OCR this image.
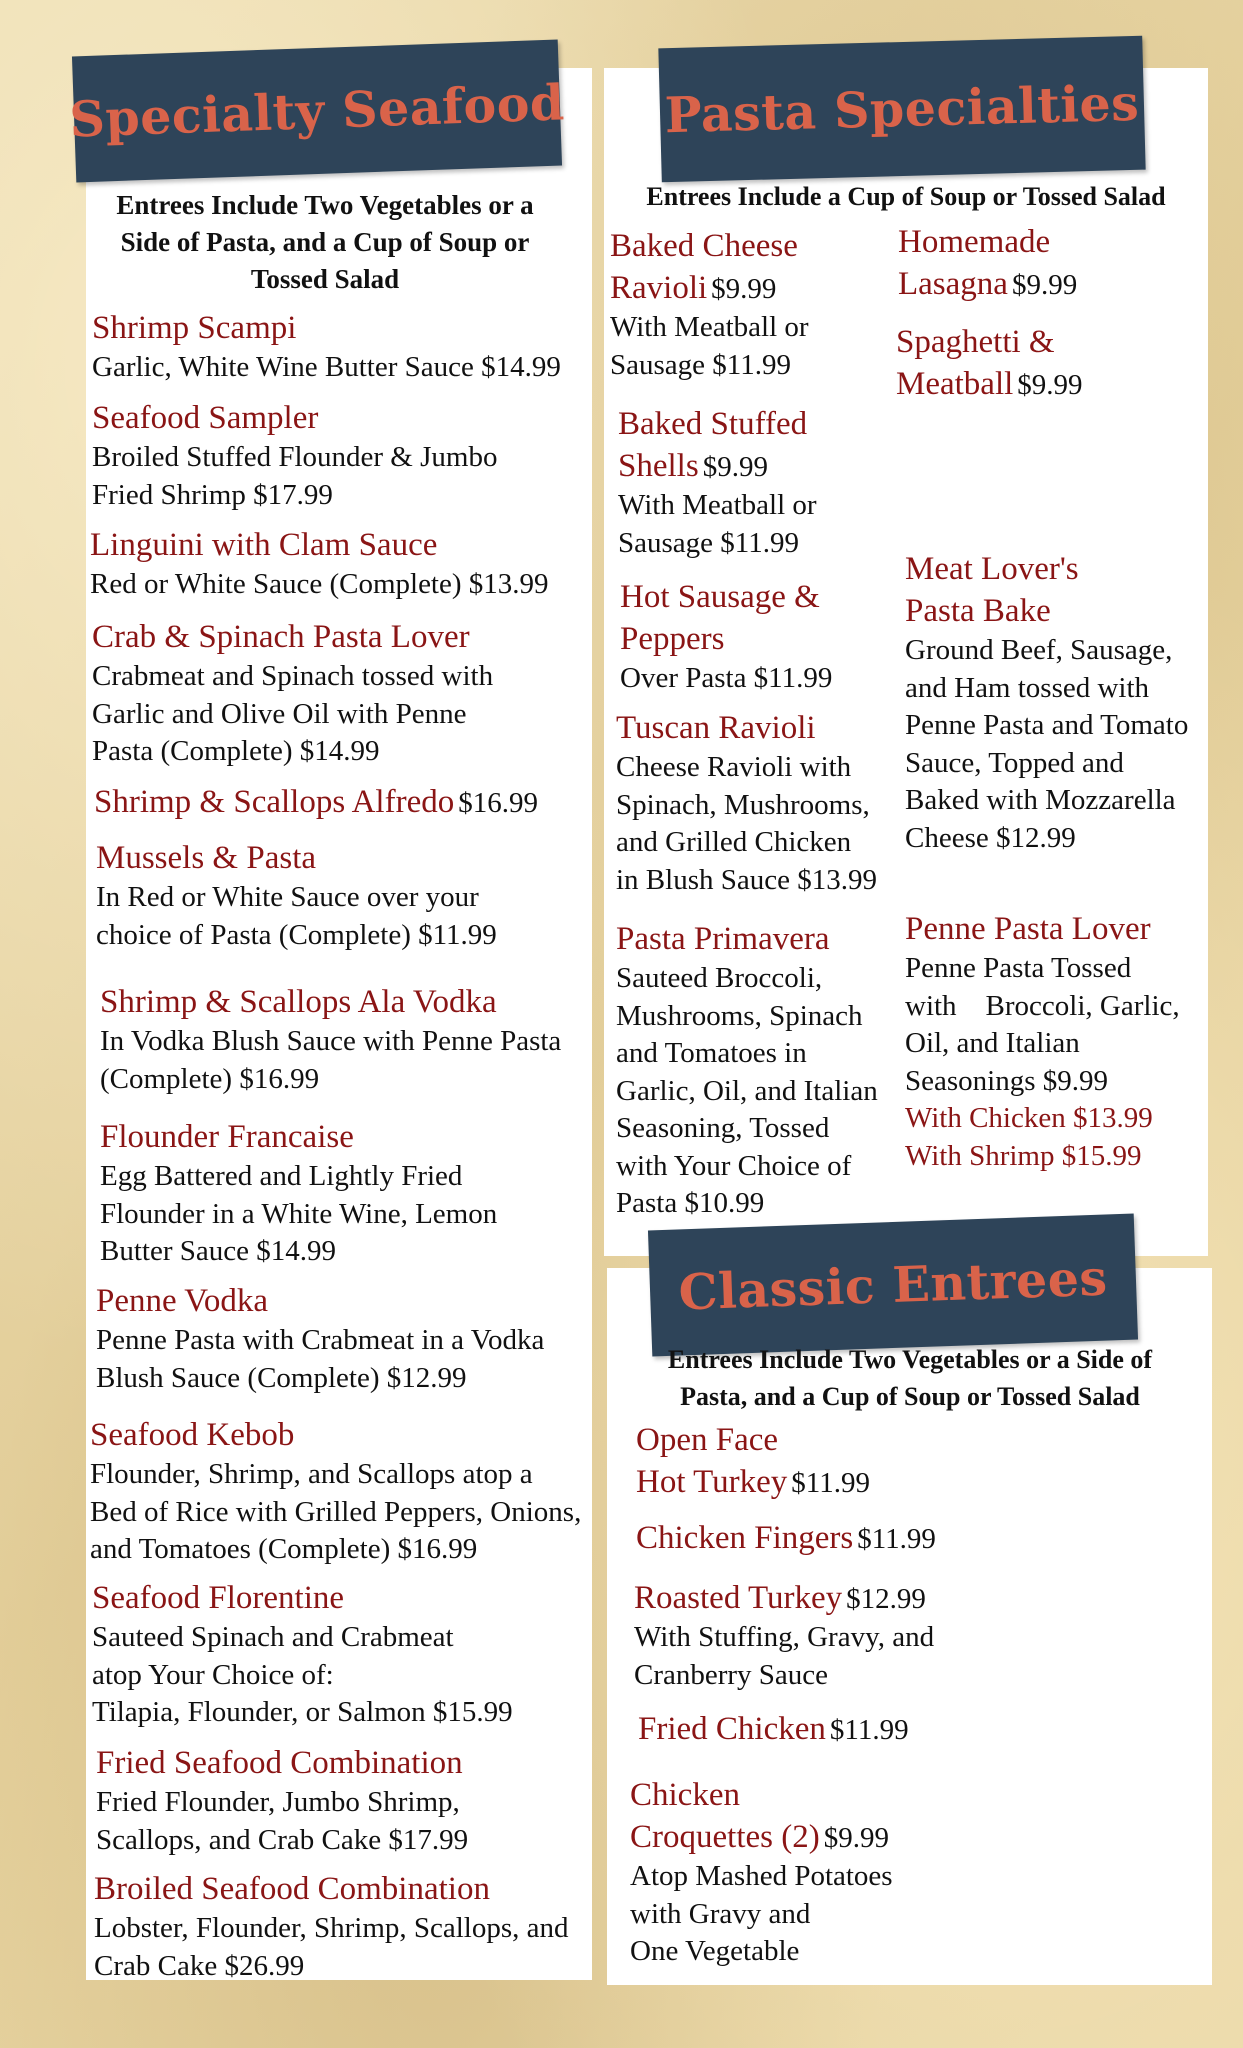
Specialty Seafood Pasta Specialties
Classic Entrees
Entrees Include Two Vegetables or a
Side of Pasta, and a Cup of Soup or
Tossed Salad
Entrees Include a Cup of Soup or Tossed Salad
Entrees Include Two Vegetables or a Side of
Pasta, and a Cup of Soup or Tossed Salad
Shrimp Scampi
Garlic, White Wine Butter Sauce $14.99
Seafood Sampler
Broiled Stuffed Flounder & Jumbo
Fried Shrimp $17.99
Linguini with Clam Sauce
Red or White Sauce (Complete) $13.99
Crab & Spinach Pasta Lover
Crabmeat and Spinach tossed with
Garlic and Olive Oil with Penne
Pasta (Complete) $14.99
Shrimp & Scallops Alfredo $16.99
Mussels & Pasta
In Red or White Sauce over your
choice of Pasta (Complete) $11.99
Shrimp & Scallops Ala Vodka
In Vodka Blush Sauce with Penne Pasta
(Complete) $16.99
Flounder Francaise
Egg Battered and Lightly Fried
Flounder in a White Wine, Lemon
Butter Sauce $14.99
Penne Vodka
Penne Pasta with Crabmeat in a Vodka
Blush Sauce (Complete) $12.99
Seafood Kebob
Flounder, Shrimp, and Scallops atop a
Bed of Rice with Grilled Peppers, Onions,
and Tomatoes (Complete) $16.99
Seafood Florentine
Sauteed Spinach and Crabmeat
atop Your Choice of:
Tilapia, Flounder, or Salmon $15.99
Fried Seafood Combination
Fried Flounder, Jumbo Shrimp,
Scallops, and Crab Cake $17.99
Broiled Seafood Combination
Lobster, Flounder, Shrimp, Scallops, and
Crab Cake $26.99
Baked Cheese
Ravioli $9.99
With Meatball or
Sausage $11.99
Baked Stuffed
Shells $9.99
With Meatball or
Sausage $11.99
Hot Sausage &
Peppers
Over Pasta $11.99
Tuscan Ravioli
Cheese Ravioli with
Spinach, Mushrooms,
and Grilled Chicken
in Blush Sauce $13.99
Pasta Primavera
Sauteed Broccoli,
Mushrooms, Spinach
and Tomatoes in
Garlic, Oil, and Italian
Seasoning, Tossed
with Your Choice of
Pasta $10.99
Homemade
Lasagna $9.99
Spaghetti &
Meatball $9.99
Meat Lover's
Pasta Bake
Ground Beef, Sausage,
and Ham tossed with
Penne Pasta and Tomato
Sauce, Topped and
Baked with Mozzarella
Cheese $12.99
Penne Pasta Lover
Penne Pasta Tossed
with    Broccoli, Garlic,
Oil, and Italian
Seasonings $9.99
With Chicken $13.99
With Shrimp $15.99
Open Face
Hot Turkey $11.99
Chicken Fingers $11.99
Roasted Turkey $12.99
With Stuffing, Gravy, and
Cranberry Sauce
Fried Chicken $11.99
Chicken
Croquettes (2) $9.99
Atop Mashed Potatoes
with Gravy and
One Vegetable
